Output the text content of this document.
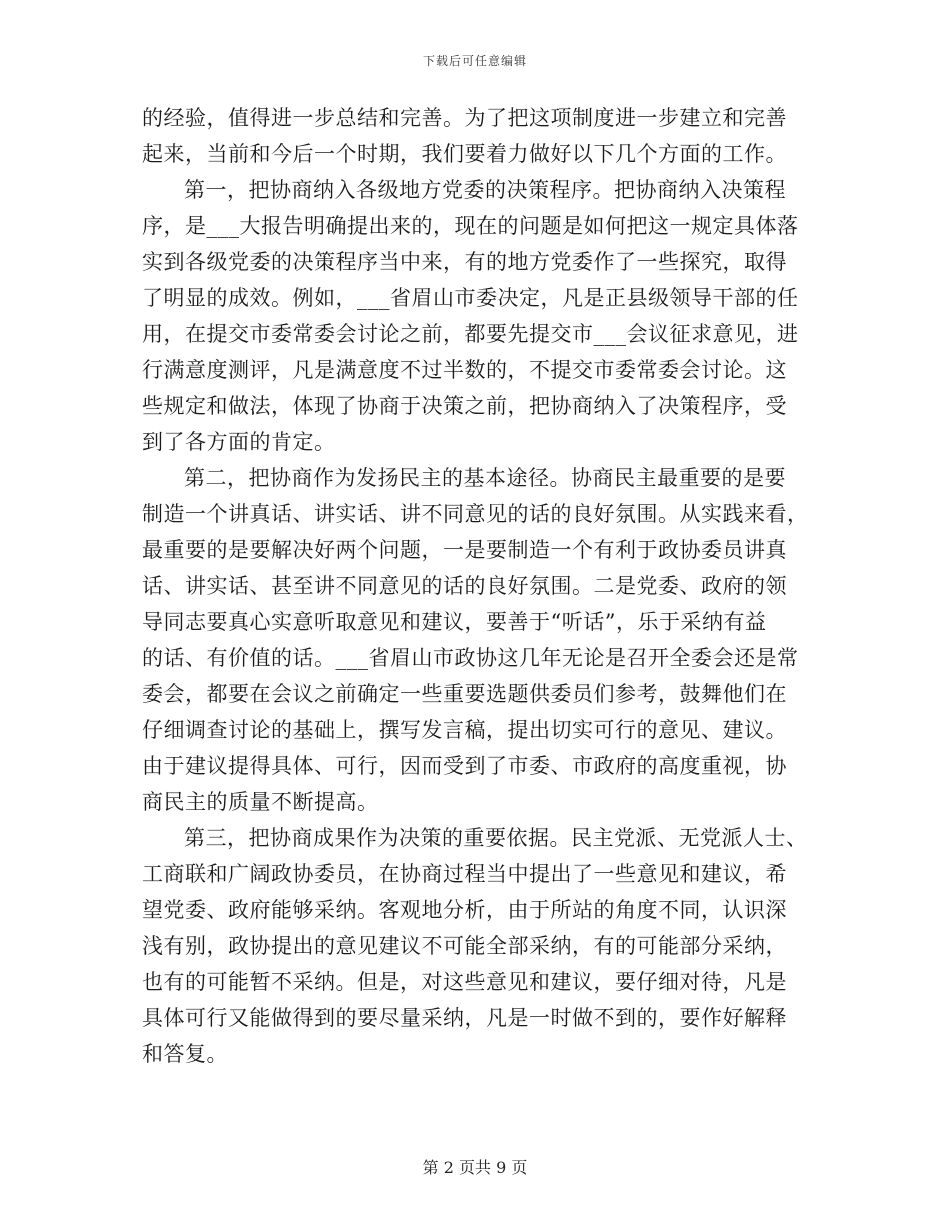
下载后可任意编辑
的经验，值得进一步总结和完善。为了把这项制度进一步建立和完善
起来，当前和今后一个时期，我们要着力做好以下几个方面的工作。
第一，把协商纳入各级地方党委的决策程序。把协商纳入决策程
序，是___大报告明确提出来的，现在的问题是如何把这一规定具体落
实到各级党委的决策程序当中来，有的地方党委作了一些探究，取得
了明显的成效。例如，___省眉山市委决定，凡是正县级领导干部的任
用，在提交市委常委会讨论之前，都要先提交市___会议征求意见，进
行满意度测评，凡是满意度不过半数的，不提交市委常委会讨论。这
些规定和做法，体现了协商于决策之前，把协商纳入了决策程序，受
到了各方面的肯定。
第二，把协商作为发扬民主的基本途径。协商民主最重要的是要
制造一个讲真话、讲实话、讲不同意见的话的良好氛围。从实践来看，
最重要的是要解决好两个问题，一是要制造一个有利于政协委员讲真
话、讲实话、甚至讲不同意见的话的良好氛围。二是党委、政府的领
导同志要真心实意听取意见和建议，要善于“听话”，乐于采纳有益
的话、有价值的话。___省眉山市政协这几年无论是召开全委会还是常
委会，都要在会议之前确定一些重要选题供委员们参考，鼓舞他们在
仔细调查讨论的基础上，撰写发言稿，提出切实可行的意见、建议。
由于建议提得具体、可行，因而受到了市委、市政府的高度重视，协
商民主的质量不断提高。
第三，把协商成果作为决策的重要依据。民主党派、无党派人士、
工商联和广阔政协委员，在协商过程当中提出了一些意见和建议，希
望党委、政府能够采纳。客观地分析，由于所站的角度不同，认识深
浅有别，政协提出的意见建议不可能全部采纳，有的可能部分采纳，
也有的可能暂不采纳。但是，对这些意见和建议，要仔细对待，凡是
具体可行又能做得到的要尽量采纳，凡是一时做不到的，要作好解释
和答复。
第 2 页共 9 页
